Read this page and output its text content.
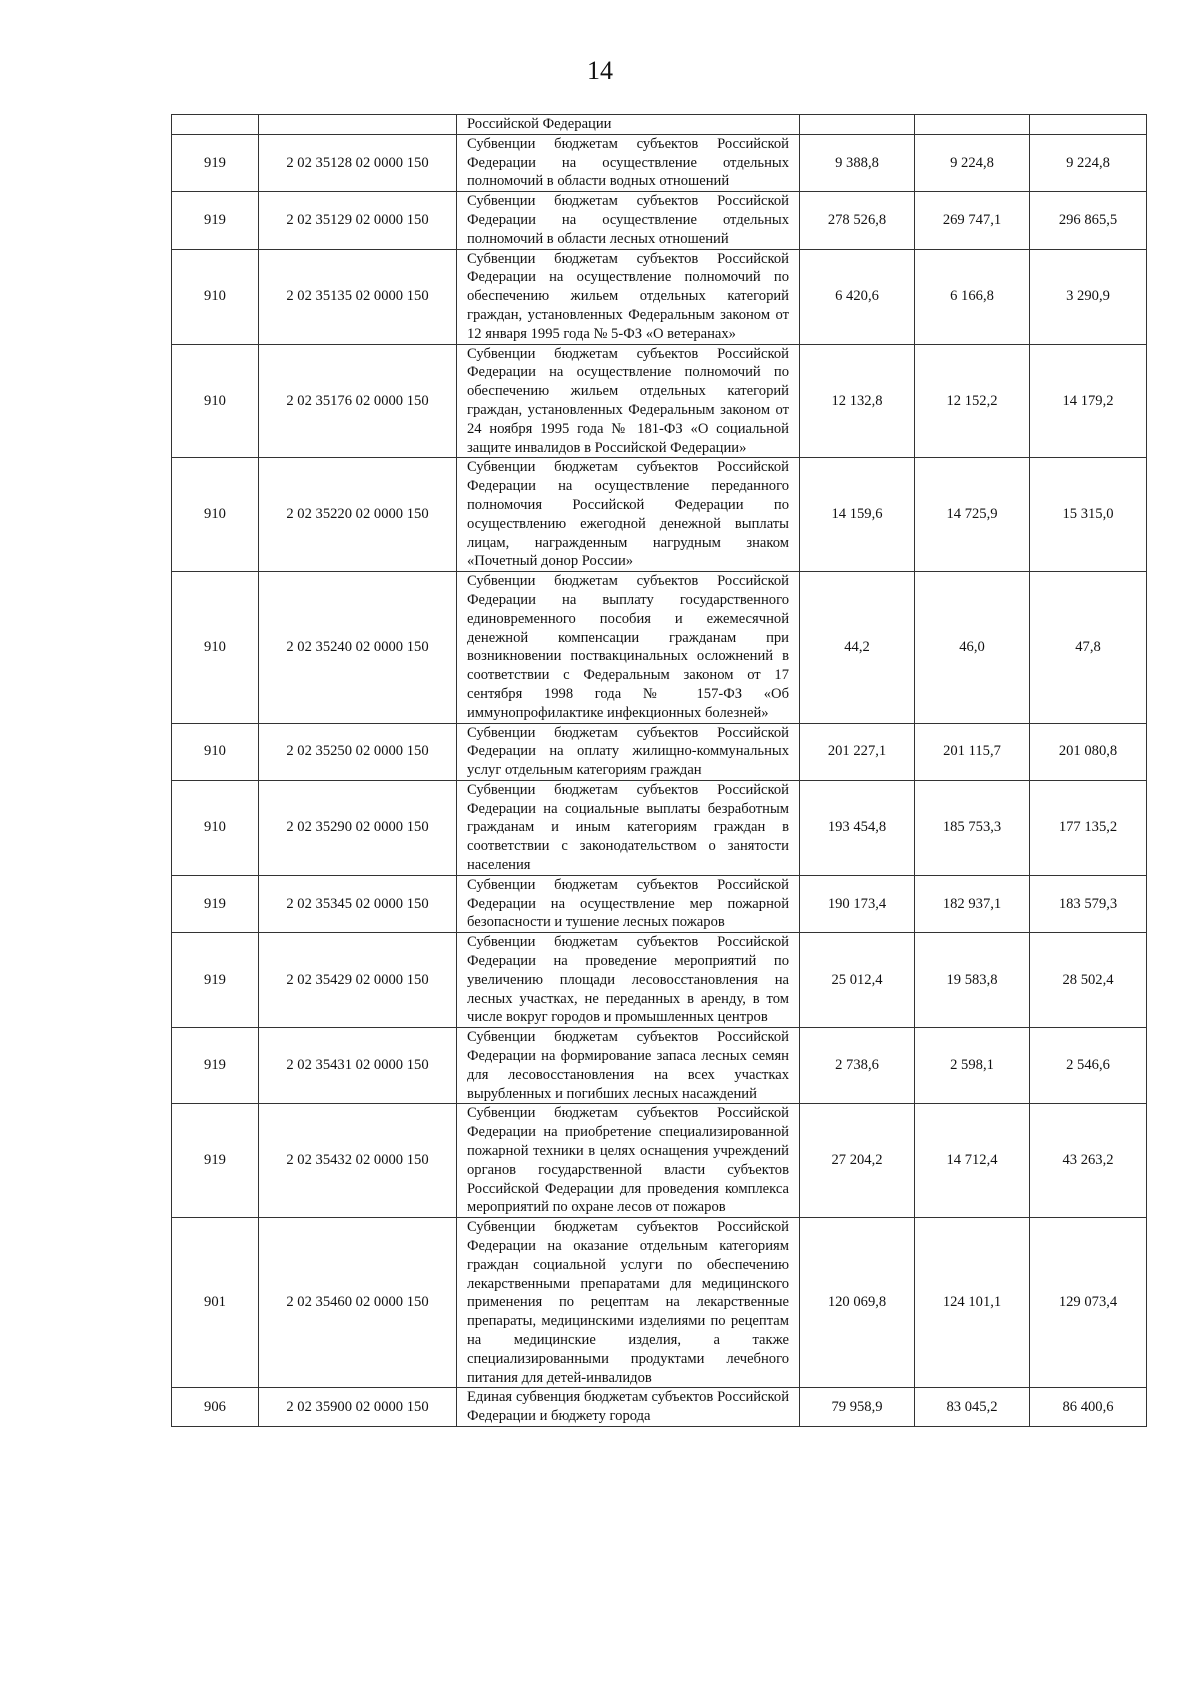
14
		Российской Федерации			
919	2 02 35128 02 0000 150	Субвенции бюджетам субъектов Российской Федерации на осуществление отдельных полномочий в области водных отношений	9 388,8	9 224,8	9 224,8
919	2 02 35129 02 0000 150	Субвенции бюджетам субъектов Российской Федерации на осуществление отдельных полномочий в области лесных отношений	278 526,8	269 747,1	296 865,5
910	2 02 35135 02 0000 150	Субвенции бюджетам субъектов Российской Федерации на осуществление полномочий по обеспечению жильем отдельных категорий граждан, установленных Федеральным законом от 12 января 1995 года № 5-ФЗ «О ветеранах»	6 420,6	6 166,8	3 290,9
910	2 02 35176 02 0000 150	Субвенции бюджетам субъектов Российской Федерации на осуществление полномочий по обеспечению жильем отдельных категорий граждан, установленных Федеральным законом от 24 ноября 1995 года № 181-ФЗ «О социальной защите инвалидов в Российской Федерации»	12 132,8	12 152,2	14 179,2
910	2 02 35220 02 0000 150	Субвенции бюджетам субъектов Российской Федерации на осуществление переданного полномочия Российской Федерации по осуществлению ежегодной денежной выплаты лицам, награжденным нагрудным знаком «Почетный донор России»	14 159,6	14 725,9	15 315,0
910	2 02 35240 02 0000 150	Субвенции бюджетам субъектов Российской Федерации на выплату государственного единовременного пособия и ежемесячной денежной компенсации гражданам при возникновении поствакцинальных осложнений в соответствии с Федеральным законом от 17 сентября 1998 года № 157-ФЗ «Об иммунопрофилактике инфекционных болезней»	44,2	46,0	47,8
910	2 02 35250 02 0000 150	Субвенции бюджетам субъектов Российской Федерации на оплату жилищно-коммунальных услуг отдельным категориям граждан	201 227,1	201 115,7	201 080,8
910	2 02 35290 02 0000 150	Субвенции бюджетам субъектов Российской Федерации на социальные выплаты безработным гражданам и иным категориям граждан в соответствии с законодательством о занятости населения	193 454,8	185 753,3	177 135,2
919	2 02 35345 02 0000 150	Субвенции бюджетам субъектов Российской Федерации на осуществление мер пожарной безопасности и тушение лесных пожаров	190 173,4	182 937,1	183 579,3
919	2 02 35429 02 0000 150	Субвенции бюджетам субъектов Российской Федерации на проведение мероприятий по увеличению площади лесовосстановления на лесных участках, не переданных в аренду, в том числе вокруг городов и промышленных центров	25 012,4	19 583,8	28 502,4
919	2 02 35431 02 0000 150	Субвенции бюджетам субъектов Российской Федерации на формирование запаса лесных семян для лесовосстановления на всех участках вырубленных и погибших лесных насаждений	2 738,6	2 598,1	2 546,6
919	2 02 35432 02 0000 150	Субвенции бюджетам субъектов Российской Федерации на приобретение специализированной пожарной техники в целях оснащения учреждений органов государственной власти субъектов Российской Федерации для проведения комплекса мероприятий по охране лесов от пожаров	27 204,2	14 712,4	43 263,2
901	2 02 35460 02 0000 150	Субвенции бюджетам субъектов Российской Федерации на оказание отдельным категориям граждан социальной услуги по обеспечению лекарственными препаратами для медицинского применения по рецептам на лекарственные препараты, медицинскими изделиями по рецептам на медицинские изделия, а также специализированными продуктами лечебного питания для детей-инвалидов	120 069,8	124 101,1	129 073,4
906	2 02 35900 02 0000 150	Единая субвенция бюджетам субъектов Российской Федерации и бюджету города	79 958,9	83 045,2	86 400,6
